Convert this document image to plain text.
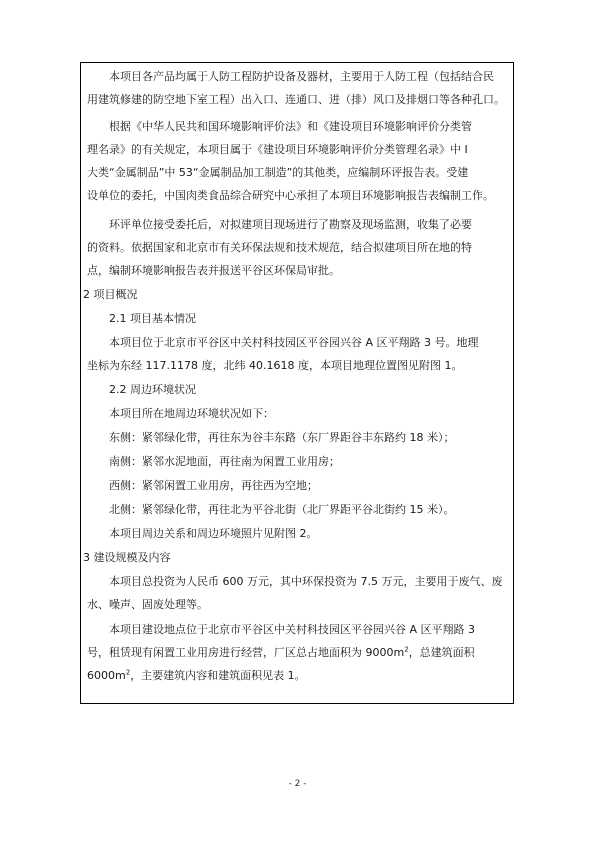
本项目各产品均属于人防工程防护设备及器材，主要用于人防工程（包括结合民
用建筑修建的防空地下室工程）出入口、连通口、进（排）风口及排烟口等各种孔口。
根据《中华人民共和国环境影响评价法》和《建设项目环境影响评价分类管
理名录》的有关规定，本项目属于《建设项目环境影响评价分类管理名录》中 I
大类“金属制品”中 53“金属制品加工制造”的其他类，应编制环评报告表。受建
设单位的委托，中国肉类食品综合研究中心承担了本项目环境影响报告表编制工作。
环评单位接受委托后，对拟建项目现场进行了勘察及现场监测，收集了必要
的资料。依据国家和北京市有关环保法规和技术规范，结合拟建项目所在地的特
点，编制环境影响报告表并报送平谷区环保局审批。
2 项目概况
2.1 项目基本情况
本项目位于北京市平谷区中关村科技园区平谷园兴谷 A 区平翔路 3 号。地理
坐标为东经 117.1178 度，北纬 40.1618 度，本项目地理位置图见附图 1。
2.2 周边环境状况
本项目所在地周边环境状况如下：
东侧：紧邻绿化带，再往东为谷丰东路（东厂界距谷丰东路约 18 米）；
南侧：紧邻水泥地面，再往南为闲置工业用房；
西侧：紧邻闲置工业用房，再往西为空地；
北侧：紧邻绿化带，再往北为平谷北街（北厂界距平谷北街约 15 米）。
本项目周边关系和周边环境照片见附图 2。
3 建设规模及内容
本项目总投资为人民币 600 万元，其中环保投资为 7.5 万元，主要用于废气、废
水、噪声、固废处理等。
本项目建设地点位于北京市平谷区中关村科技园区平谷园兴谷 A 区平翔路 3
号，租赁现有闲置工业用房进行经营，厂区总占地面积为 $9000m^2$，总建筑面积
$6000m^2$，主要建筑内容和建筑面积见表 1。
- 2 -
